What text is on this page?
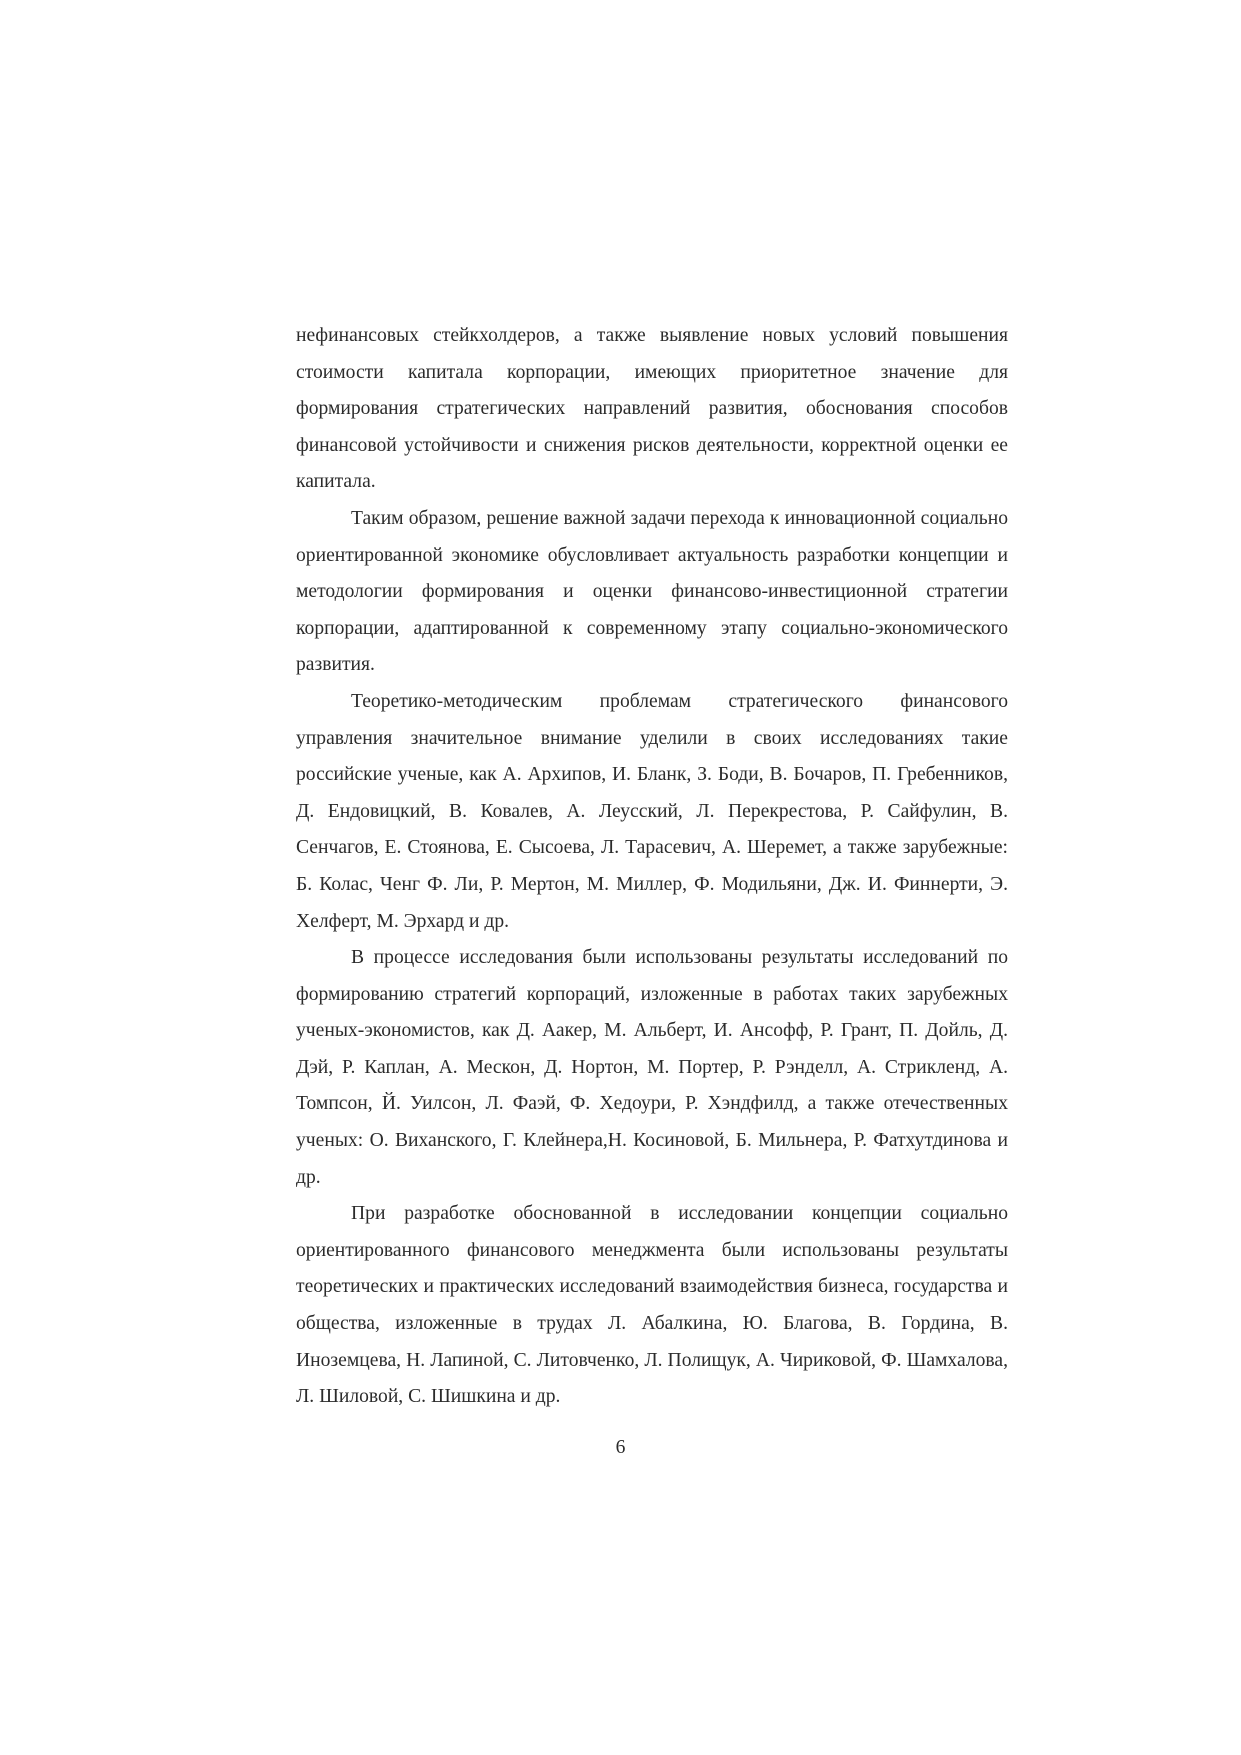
нефинансовых стейкхолдеров, а также выявление новых условий повышения стоимости капитала корпорации, имеющих приоритетное значение для формирования стратегических направлений развития, обоснования способов финансовой устойчивости и снижения рисков деятельности, корректной оценки ее капитала.

Таким образом, решение важной задачи перехода к инновационной социально ориентированной экономике обусловливает актуальность разработки концепции и методологии формирования и оценки финансово-инвестиционной стратегии корпорации, адаптированной к современному этапу социально-экономического развития.

Теоретико-методическим проблемам стратегического финансового управления значительное внимание уделили в своих исследованиях такие российские ученые, как А. Архипов, И. Бланк, З. Боди, В. Бочаров, П. Гребенников, Д. Ендовицкий, В. Ковалев, А. Леусский, Л. Перекрестова, Р. Сайфулин, В. Сенчагов, Е. Стоянова, Е. Сысоева, Л. Тарасевич, А. Шеремет, а также зарубежные: Б. Колас, Ченг Ф. Ли, Р. Мертон, М. Миллер, Ф. Модильяни, Дж. И. Финнерти, Э. Хелферт, М. Эрхард и др.

В процессе исследования были использованы результаты исследований по формированию стратегий корпораций, изложенные в работах таких зарубежных ученых-экономистов, как Д. Аакер, М. Альберт, И. Ансофф, Р. Грант, П. Дойль, Д. Дэй, Р. Каплан, А. Мескон, Д. Нортон, М. Портер, Р. Рэнделл, А. Стрикленд, А. Томпсон, Й. Уилсон, Л. Фаэй, Ф. Хедоури, Р. Хэндфилд, а также отечественных ученых: О. Виханского, Г. Клейнера,Н. Косиновой, Б. Мильнера, Р. Фатхутдинова и др.

При разработке обоснованной в исследовании концепции социально ориентированного финансового менеджмента были использованы результаты теоретических и практических исследований взаимодействия бизнеса, государства и общества, изложенные в трудах Л. Абалкина, Ю. Благова, В. Гордина, В. Иноземцева, Н. Лапиной, С. Литовченко, Л. Полищук, А. Чириковой, Ф. Шамхалова, Л. Шиловой, С. Шишкина и др.

6
